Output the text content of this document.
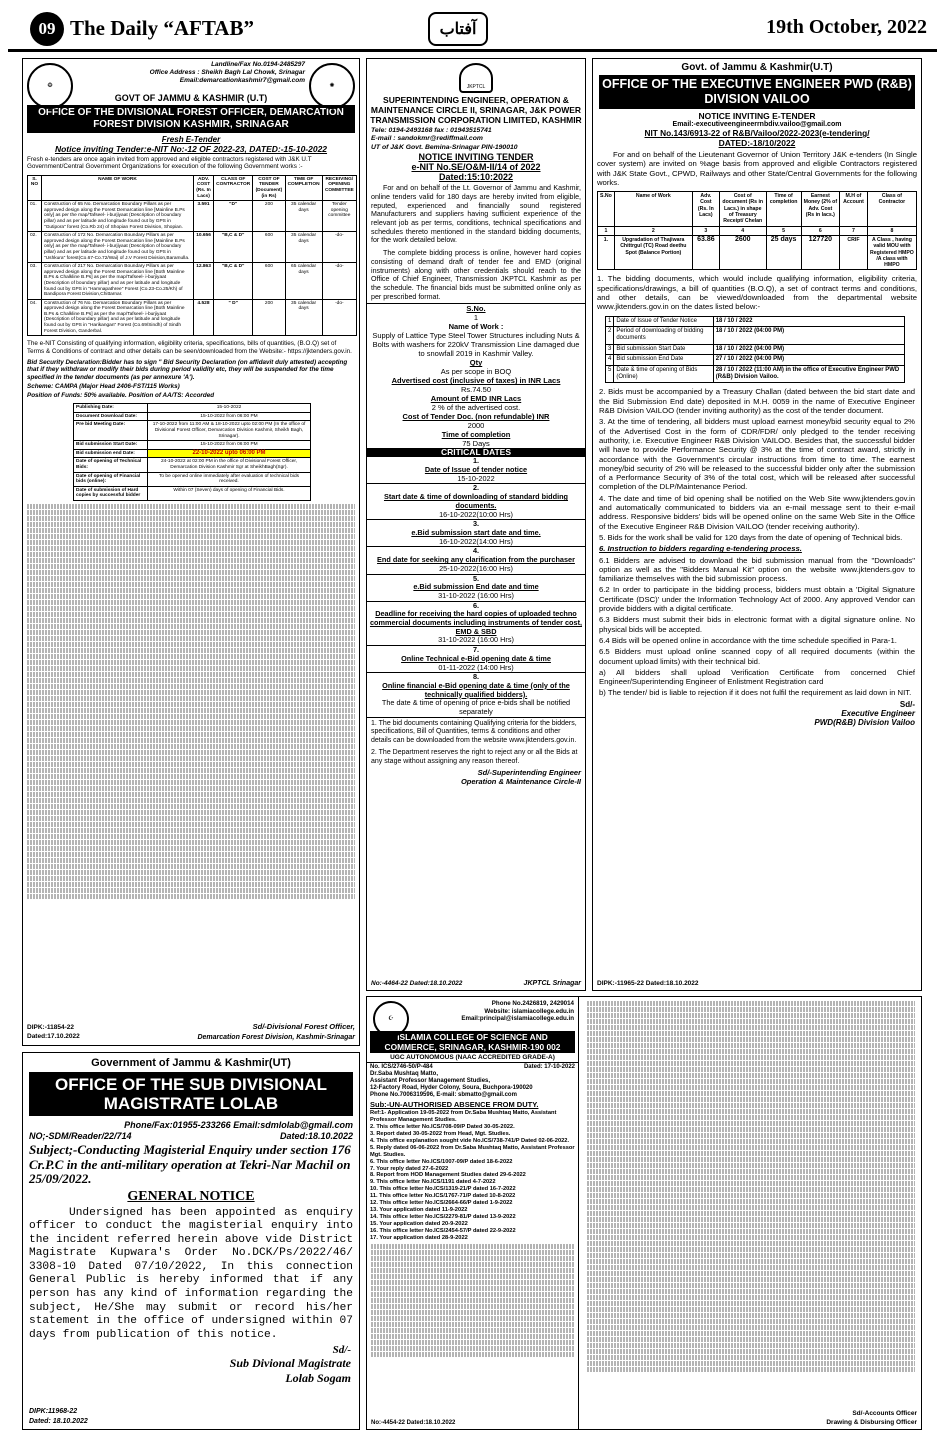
09 The Daily “AFTAB”	آفتاب	19th October, 2022
❂	✺
Landline/Fax No.0194-2485297
Office Address : Sheikh Bagh Lal Chowk, Srinagar
Email:demarcationkashmir7@gmail.com
GOVT OF JAMMU & KASHMIR (U.T)
OFFICE OF THE DIVISIONAL FOREST OFFICER, DEMARCATION FOREST DIVISION KASHMIR, SRINAGAR
Fresh E-Tender
Notice inviting Tender:e-NIT No:-12 OF 2022-23, DATED:-15-10-2022
Fresh e-tenders are once again invited from approved and eligible contractors registered with J&K U.T Government/Central Government Organizations for execution of the following Government works :-
S. NO	NAME OF WORK	ADV. COST (Rs. In Lacs)	CLASS OF CONTRACTOR	COST OF TENDER (Document) (in Rs)	TIME OF COMPLETION	RECEIVING/ OPENING COMMITTEE
01.	Construction of 65 No. Demarcation Boundary Pillars as per approved design along the Forest Demarcation line [Mainline B.Ps only] as per the map/Tafseel- i-burjiyaat (Description of boundary pillar) and as per latitude and longitude found out by GPS in "Gutipora" forest (Co.Rb 24) of Shopian Forest Division, Shopian.	3.591	"D"	200	35 calendar days	Tender opening committee
02.	Construction of 172 No. Demarcation Boundary Pillars as per approved design along the Forest Demarcation line [Mainline B.Ps only] as per the map/Tafseel- i-burjiyaat (Description of boundary pillar) and as per latitude and longitude found out by GPS in "Ushkura" forest(Co.67-Co.72/Wai) of J.V Forest Division,Baramulla.	10.656	"B,C & D"	600	35 calendar days	-do-
03.	Construction of 217 No. Demarcation Boundary Pillars as per approved design along the Forest Demarcation line [Both Mainline B.Ps & Chalkline B.Ps] as per the map/Tafseel- i-burjiyaat (Description of boundary pillar) and as per latitude and longitude found out by GPS in "Hamnapathree" Forest (Co.23-Co.25/Kh) of Bandipora Forest Division,Chittarnar.	12.863	"B,C & D"	600	65 calendar days	-do-
04.	Construction of 76 No. Demarcation Boundary Pillars as per approved design along the Forest Demarcation line [Both Mainline B.Ps & Chalkline B.Ps] as per the map/Tafseel- i-burjiyaat (Description of boundary pillar) and as per latitude and longitude found out by GPS in "Harikangan" Forest (Co.69/Sindh) of Sindh Forest Division, Ganderbal.	4.528	" D"	200	35 calendar days	-do-
The e-NIT Consisting of qualifying information, eligibility criteria, specifications, bills of quantities, (B.O.Q) set of Terms & Conditions of contract and other details can be seen/downloaded from the Website:- https://jktenders.gov.in.
Bid Security Declaration:Bidder has to sign " Bid Security Declaration (on affidavit duly attested) accepting that if they withdraw or modify their bids during period validity etc, they will be suspended for the time specified in the tender documents (as per annexure 'A').
Scheme: CAMPA (Major Head 2406-FST/115 Works)
Position of Funds: 50% available. Position of AA/TS: Accorded
Publishing Date:	15-10-2022
Document Download Date:	15-10-2022 from 06:00 PM
Pre bid Meeting Date:	17-10-2022 from 11:00 AM & 18-10-2022 upto 02:00 PM (In the office of Divisional Forest Officer, Demarcation Division Kashmir, Sheikh Bagh, Srinagar).
Bid submission Start Date:	15-10-2022 from 06:00 PM
Bid submission end Date:	22-10-2022 upto 06:00 PM
Date of opening of Technical Bids:	24-10-2022 at 02:00 PM in the office of Divisional Forest Officer, Demarcation Division Kashmir Sgr at SheikhBagh(Sgr).
Date of opening of Financial bids (online):	To be opened online immediately after evaluation of technical bids received.
Date of submission of Hard copies by successful bidder	Within 07 (Seven) days of opening of Financial Bids.
DIPK:-11854-22
Dated:17.10.2022
Sd/-Divisional Forest Officer,
Demarcation Forest Division, Kashmir-Srinagar
JKPTCL
SUPERINTENDING ENGINEER, OPERATION & MAINTENANCE CIRCLE II, SRINAGAR, J&K POWER TRANSMISSION CORPORATION LIMITED, KASHMIR
Tele: 0194-2493168 fax : 01943515741
E-mail : sandokmr@rediffmail.com
UT of J&K Govt. Bemina-Srinagar PIN-190010
NOTICE INVITING TENDER
e-NIT No.SE/O&M-II/14 of 2022
Dated:15:10:2022
For and on behalf of the Lt. Governor of Jammu and Kashmir, online tenders valid for 180 days are hereby invited from eligible, reputed, experienced and financially sound registered Manufacturers and suppliers having sufficient experience of the relevant job as per terms, conditions, technical specifications and schedules thereto mentioned in the standard bidding documents, for the work detailed below.
The complete bidding process is online, however hard copies consisting of demand draft of tender fee and EMD (original instruments) along with other credentials should reach to the Office of Chief Engineer, Transmission JKPTCL Kashmir as per the schedule. The financial bids must be submitted online only as per prescribed format.
S.No.
1
Name of Work :
Supply of Lattice Type Steel Tower Structures including Nuts & Bolts with washers for 220kV Transmission Line damaged due to snowfall 2019 in Kashmir Valley.
Qty
As per scope in BOQ
Advertised cost (inclusive of taxes) in INR Lacs
Rs.74.50
Amount of EMD INR Lacs
2 % of the advertised cost.
Cost of Tender Doc. (non refundable) INR
2000
Time of completion
75 Days
CRITICAL DATES
1.
Date of Issue of tender notice
15-10-2022
2.
Start date & time of downloading of standard bidding documents.
16-10-2022(10:00 Hrs)
3.
e.Bid submission start date and time.
16-10-2022(14:00 Hrs)
4.
End date for seeking any clarification from the purchaser
25-10-2022(16:00 Hrs)
5.
e.Bid submission End date and time
31-10-2022 (16:00 Hrs)
6.
Deadline for receiving the hard copies of uploaded techno commercial documents including instruments of tender cost, EMD & SBD
31-10-2022 (16:00 Hrs)
7.
Online Technical e-Bid opening date & time
01-11-2022 (14:00 Hrs)
8.
Online financial e-Bid opening date & time (only of the technically qualified bidders).
The date & time of opening of price e-bids shall be notified separately
1. The bid documents containing Qualifying criteria for the bidders, specifications, Bill of Quantities, terms & conditions and other details can be downloaded from the website www.jktenders.gov.in.
2. The Department reserves the right to reject any or all the Bids at any stage without assigning any reason thereof.
Sd/-Superintending Engineer
Operation & Maintenance Circle-II
No:-4464-22 Dated:18.10.2022	JKPTCL Srinagar
Govt. of Jammu & Kashmir(U.T)
OFFICE OF THE EXECUTIVE ENGINEER PWD (R&B) DIVISION VAILOO
NOTICE INVITING E-TENDER
Email:-executiveengineerrnbdiv.vailoo@gmail.com
NIT No.143/6913-22 of R&B/Vailoo/2022-2023(e-tendering/
DATED:-18/10/2022
For and on behalf of the Lieutenant Governor of Union Territory J&K e-tenders (In Single cover system) are invited on %age basis from approved and eligible Contractors registered with J&K State Govt., CPWD, Railways and other State/Central Governments for the following works.
S.No	Name of Work	Adv. Cost (Rs. In Lacs)	Cost of document (Rs in Lacs.) in shape of Treasury Receipt/ Chelan	Time of completion	Earnest Money (2% of Adv. Cost (Rs in lacs.)	M.H of Account	Class of Contractor
1	2	3	4	5	6	7	8
1.	Upgradation of Thajiwara Chittrgul (TC) Road deethu Spot (Balance Portion)	63.86	2600	25 days	127720	CRIF	A Class , having valid MOU with Registered HMPO /A class with HMPO
1. The bidding documents, which would include qualifying information, eligibility criteria, specifications/drawings, a bill of quantities (B.O.Q), a set of contract terms and conditions, and other details, can be viewed/downloaded from the departmental website www.jktenders.gov.in on the dates listed below:-
1	Date of Issue of Tender Notice	18 / 10 / 2022
2	Period of downloading of bidding documents	18 / 10 / 2022 (04:00 PM)
3	Bid submission Start Date	18 / 10 / 2022 (04:00 PM)
4	Bid submission End Date	27 / 10 / 2022 (04:00 PM)
5	Date & time of opening of Bids (Online)	28 / 10 / 2022 (11:00 AM) in the office of Executive Engineer PWD (R&B) Division Vailoo.
2. Bids must be accompanied by a Treasury Challan (dated between the bid start date and the Bid Submission End date) deposited in M.H. 0059 in the name of Executive Engineer R&B Division VAILOO (tender inviting authority) as the cost of the tender document.
3. At the time of tendering, all bidders must upload earnest money/bid security equal to 2% of the Advertised Cost in the form of CDR/FDR/ only pledged to the tender receiving authority, i.e. Executive Engineer R&B Division VAILOO. Besides that, the successful bidder will have to provide Performance Security @ 3% at the time of contract award, strictly in accordance with the Government's circular instructions from time to time. The earnest money/bid security of 2% will be released to the successful bidder only after the submission of a Performance Security of 3% of the total cost, which will be released after successful completion of the DLP/Maintenance Period.
4. The date and time of bid opening shall be notified on the Web Site www.jktenders.gov.in and automatically communicated to bidders via an e-mail message sent to their e-mail address. Responsive bidders' bids will be opened online on the same Web Site in the Office of the Executive Engineer R&B Division VAILOO (tender receiving authority).
5. Bids for the work shall be valid for 120 days from the date of opening of Technical bids.
6. Instruction to bidders regarding e-tendering process.
6.1 Bidders are advised to download the bid submission manual from the "Downloads" option as well as the "Bidders Manual Kit" option on the website www.jktenders.gov to familiarize themselves with the bid submission process.
6.2 In order to participate in the bidding process, bidders must obtain a 'Digital Signature Certificate (DSC)' under the Information Technology Act of 2000. Any approved Vendor can provide bidders with a digital certificate.
6.3 Bidders must submit their bids in electronic format with a digital signature online. No physical bids will be accepted.
6.4 Bids will be opened online in accordance with the time schedule specified in Para-1.
6.5 Bidders must upload online scanned copy of all required documents (within the document upload limits) with their technical bid.
a) All bidders shall upload Verification Certificate from concerned Chief Engineer/Superintending Engineer of Enlistment Registration card
b) The tender/ bid is liable to rejection if it does not fulfil the requirement as laid down in NIT.
Sd/-
Executive Engineer
PWD(R&B) Division Vailoo
DIPK:-11965-22 Dated:18.10.2022
Government of Jammu & Kashmir(UT)
OFFICE OF THE SUB DIVISIONAL MAGISTRATE LOLAB
Phone/Fax:01955-233266 Email:sdmlolab@gmail.com
NO;-SDM/Reader/22/714	Dated:18.10.2022
Subject;-Conducting Magisterial Enquiry under section 176 Cr.P.C in the anti-military operation at Tekri-Nar Machil on 25/09/2022.
GENERAL NOTICE
Undersigned has been appointed as enquiry officer to conduct the magisterial enquiry into the incident referred herein above vide District Magistrate Kupwara's Order No.DCK/Ps/2022/46/ 3308-10 Dated 07/10/2022, In this connection General Public is hereby informed that if any person has any kind of information regarding the subject, He/She may submit or record his/her statement in the office of undersigned within 07 days from publication of this notice.
Sd/-
Sub Divional Magistrate
Lolab Sogam
DIPK:11968-22
Dated: 18.10.2022
☪
Phone No.2426819, 2429014
Website: islamiacollege.edu.in
Email:principal@islamiacollege.edu.in
ISLAMIA COLLEGE OF SCIENCE AND COMMERCE, SRINAGAR, KASHMIR-190 002
UGC AUTONOMOUS (NAAC ACCREDITED GRADE-A)
No. ICS/2746-50/P-484	Dated: 17-10-2022
Dr.Saba Mushtaq Matto,
Assistant Professor Management Studies,
12-Factory Road, Hyder Colony, Soura, Buchpora-190020
Phone No.7006319596, E-mail: sbmatto@gmail.com
Sub:-UN-AUTHORISED ABSENCE FROM DUTY.
Ref:1- Application 19-05-2022 from Dr.Saba Mushtaq Matto, Assistant Professor Management Studies.
2. This office letter No.ICS/708-09/P Dated 30-05-2022.
3. Report dated 30-05-2022 from Head, Mgt. Studies.
4. This office explanation sought vide No.ICS/738-741/P Dated 02-06-2022.
5. Reply dated 06-06-2022 from Dr.Saba Mushtaq Matto, Assistant Professor Mgt. Studies.
6. This office letter No.ICS/1007-09/P dated 18-6-2022
7. Your reply dated 27-6-2022
8. Report from HOD Management Studies dated 29-6-2022
9. This office letter No.ICS/1191 dated 4-7-2022
10. This office letter No.ICS/1319-21/P dated 16-7-2022
11. This office letter No.ICS/1767-71/P dated 10-8-2022
12. This office letter No.ICS/2664-66/P dated 1-9-2022
13. Your application dated 11-9-2022
14. This office letter No.ICS/2279-81/P dated 13-9-2022
15. Your application dated 20-9-2022
16. This office letter No.ICS/2454-57/P dated 22-9-2022
17. Your application dated 28-9-2022
No:-4454-22 Dated:18.10.2022
Sd/-Accounts Officer
Drawing & Disbursing Officer
